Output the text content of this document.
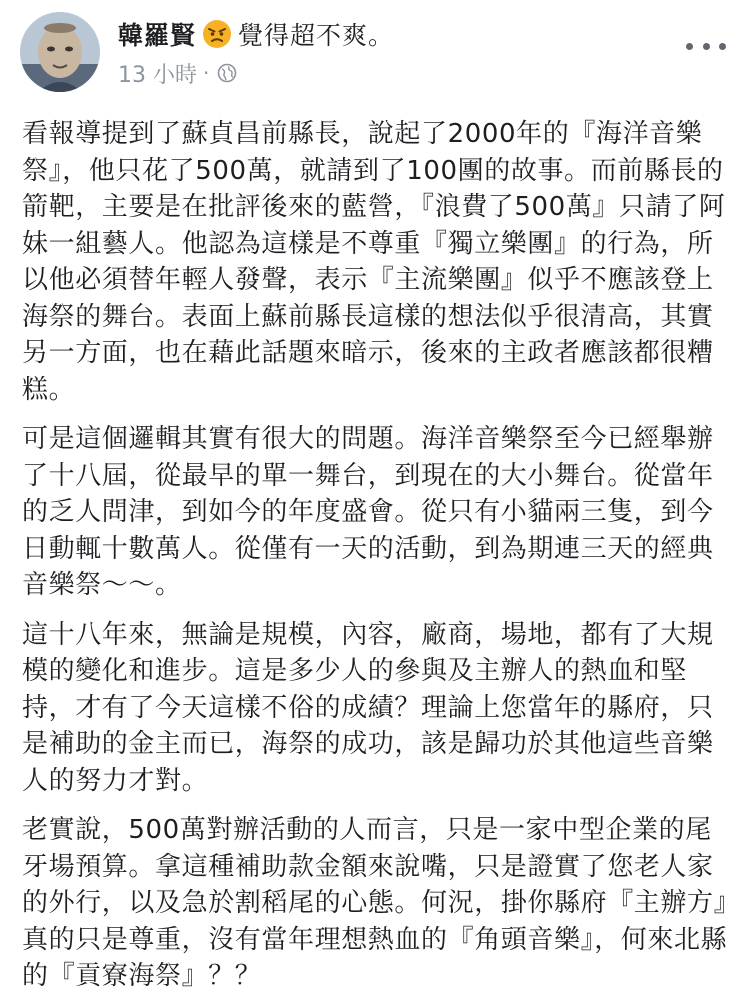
韓羅賢 覺得超不爽。
13 小時 ·

看報導提到了蘇貞昌前縣長，說起了2000年的『海洋音樂祭』，他只花了500萬，就請到了100團的故事。而前縣長的箭靶，主要是在批評後來的藍營，『浪費了500萬』只請了阿妹一組藝人。他認為這樣是不尊重『獨立樂團』的行為，所以他必須替年輕人發聲，表示『主流樂團』似乎不應該登上海祭的舞台。表面上蘇前縣長這樣的想法似乎很清高，其實另一方面，也在藉此話題來暗示，後來的主政者應該都很糟糕。

可是這個邏輯其實有很大的問題。海洋音樂祭至今已經舉辦了十八屆，從最早的單一舞台，到現在的大小舞台。從當年的乏人問津，到如今的年度盛會。從只有小貓兩三隻，到今日動輒十數萬人。從僅有一天的活動，到為期連三天的經典音樂祭～～。

這十八年來，無論是規模，內容，廠商，場地，都有了大規模的變化和進步。這是多少人的參與及主辦人的熱血和堅持，才有了今天這樣不俗的成績？理論上您當年的縣府，只是補助的金主而已，海祭的成功，該是歸功於其他這些音樂人的努力才對。

老實說，500萬對辦活動的人而言，只是一家中型企業的尾牙場預算。拿這種補助款金額來說嘴，只是證實了您老人家的外行，以及急於割稻尾的心態。何況，掛你縣府『主辦方』真的只是尊重，沒有當年理想熱血的『角頭音樂』，何來北縣的『貢寮海祭』？？
